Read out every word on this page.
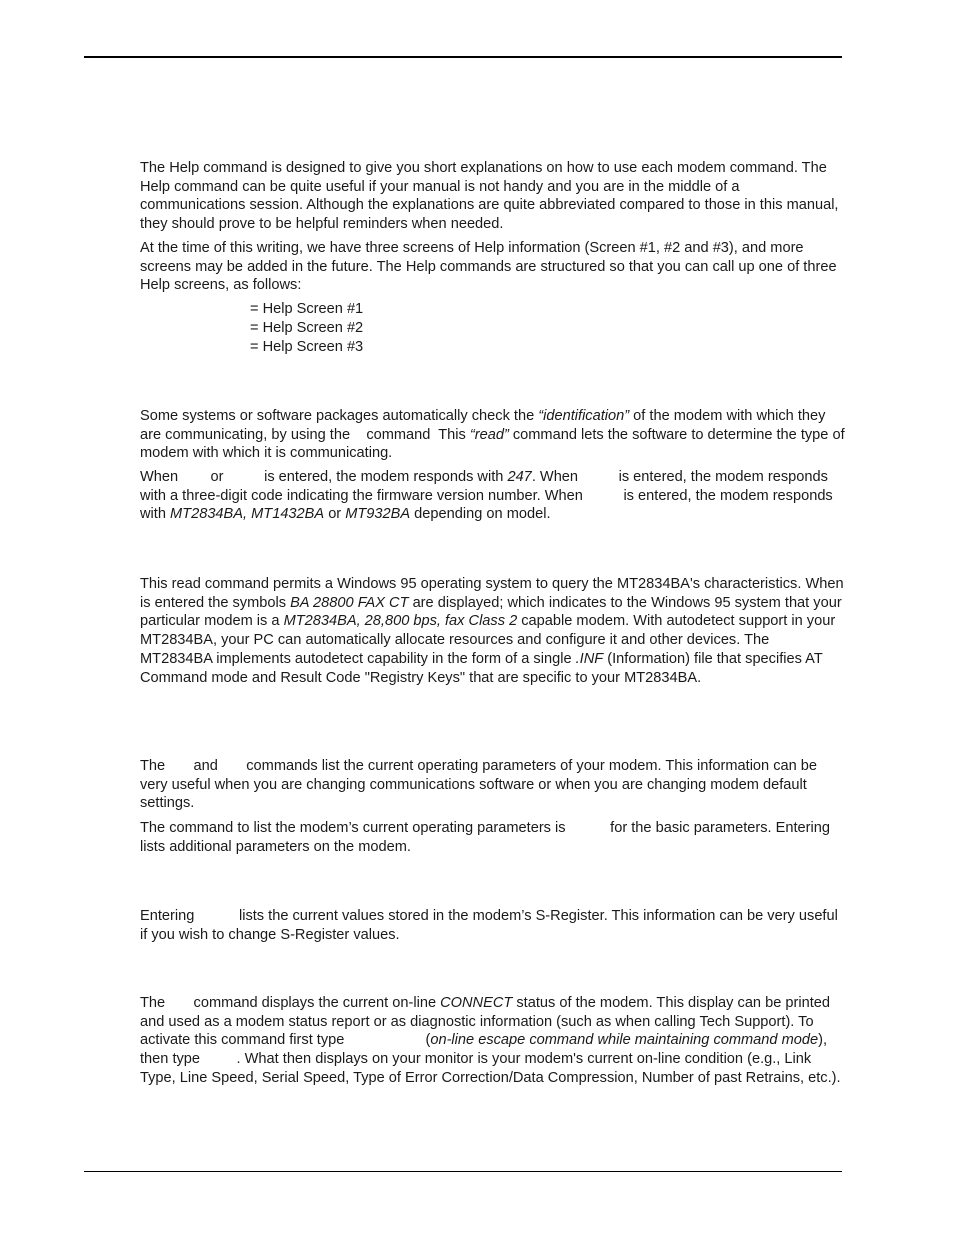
The Help command is designed to give you short explanations on how to use each modem command. The Help command can be quite useful if your manual is not handy and you are in the middle of a communications session. Although the explanations are quite abbreviated compared to those in this manual, they should prove to be helpful reminders when needed.

At the time of this writing, we have three screens of Help information (Screen #1, #2 and #3), and more screens may be added in the future. The Help commands are structured so that you can call up one of three Help screens, as follows:

= Help Screen #1

= Help Screen #2

= Help Screen #3

Some systems or software packages automatically check the “identification” of the modem with which they are communicating, by using the    command  This “read” command lets the software to determine the type of modem with which it is communicating.

When        or          is entered, the modem responds with 247. When          is entered, the modem responds with a three-digit code indicating the firmware version number. When          is entered, the modem responds with MT2834BA, MT1432BA or MT932BA depending on model.

This read command permits a Windows 95 operating system to query the MT2834BA's characteristics. When                   is entered the symbols BA 28800 FAX CT are displayed; which indicates to the Windows 95 system that your particular modem is a MT2834BA, 28,800 bps, fax Class 2 capable modem. With autodetect support in your MT2834BA, your PC can automatically allocate resources and configure it and other devices. The MT2834BA implements autodetect capability in the form of a single .INF (Information) file that specifies AT Command mode and Result Code "Registry Keys" that are specific to your MT2834BA.

The       and       commands list the current operating parameters of your modem. This information can be very useful when you are changing communications software or when you are changing modem default settings.

The command to list the modem’s current operating parameters is           for the basic parameters. Entering           lists additional parameters on the modem.

Entering           lists the current values stored in the modem’s S-Register. This information can be very useful if you wish to change S-Register values.

The       command displays the current on-line CONNECT status of the modem. This display can be printed and used as a modem status report or as diagnostic information (such as when calling Tech Support). To activate this command first type                    (on-line escape command while maintaining command mode), then type         . What then displays on your monitor is your modem's current on-line condition (e.g., Link Type, Line Speed, Serial Speed, Type of Error Correction/Data Compression, Number of past Retrains, etc.).
